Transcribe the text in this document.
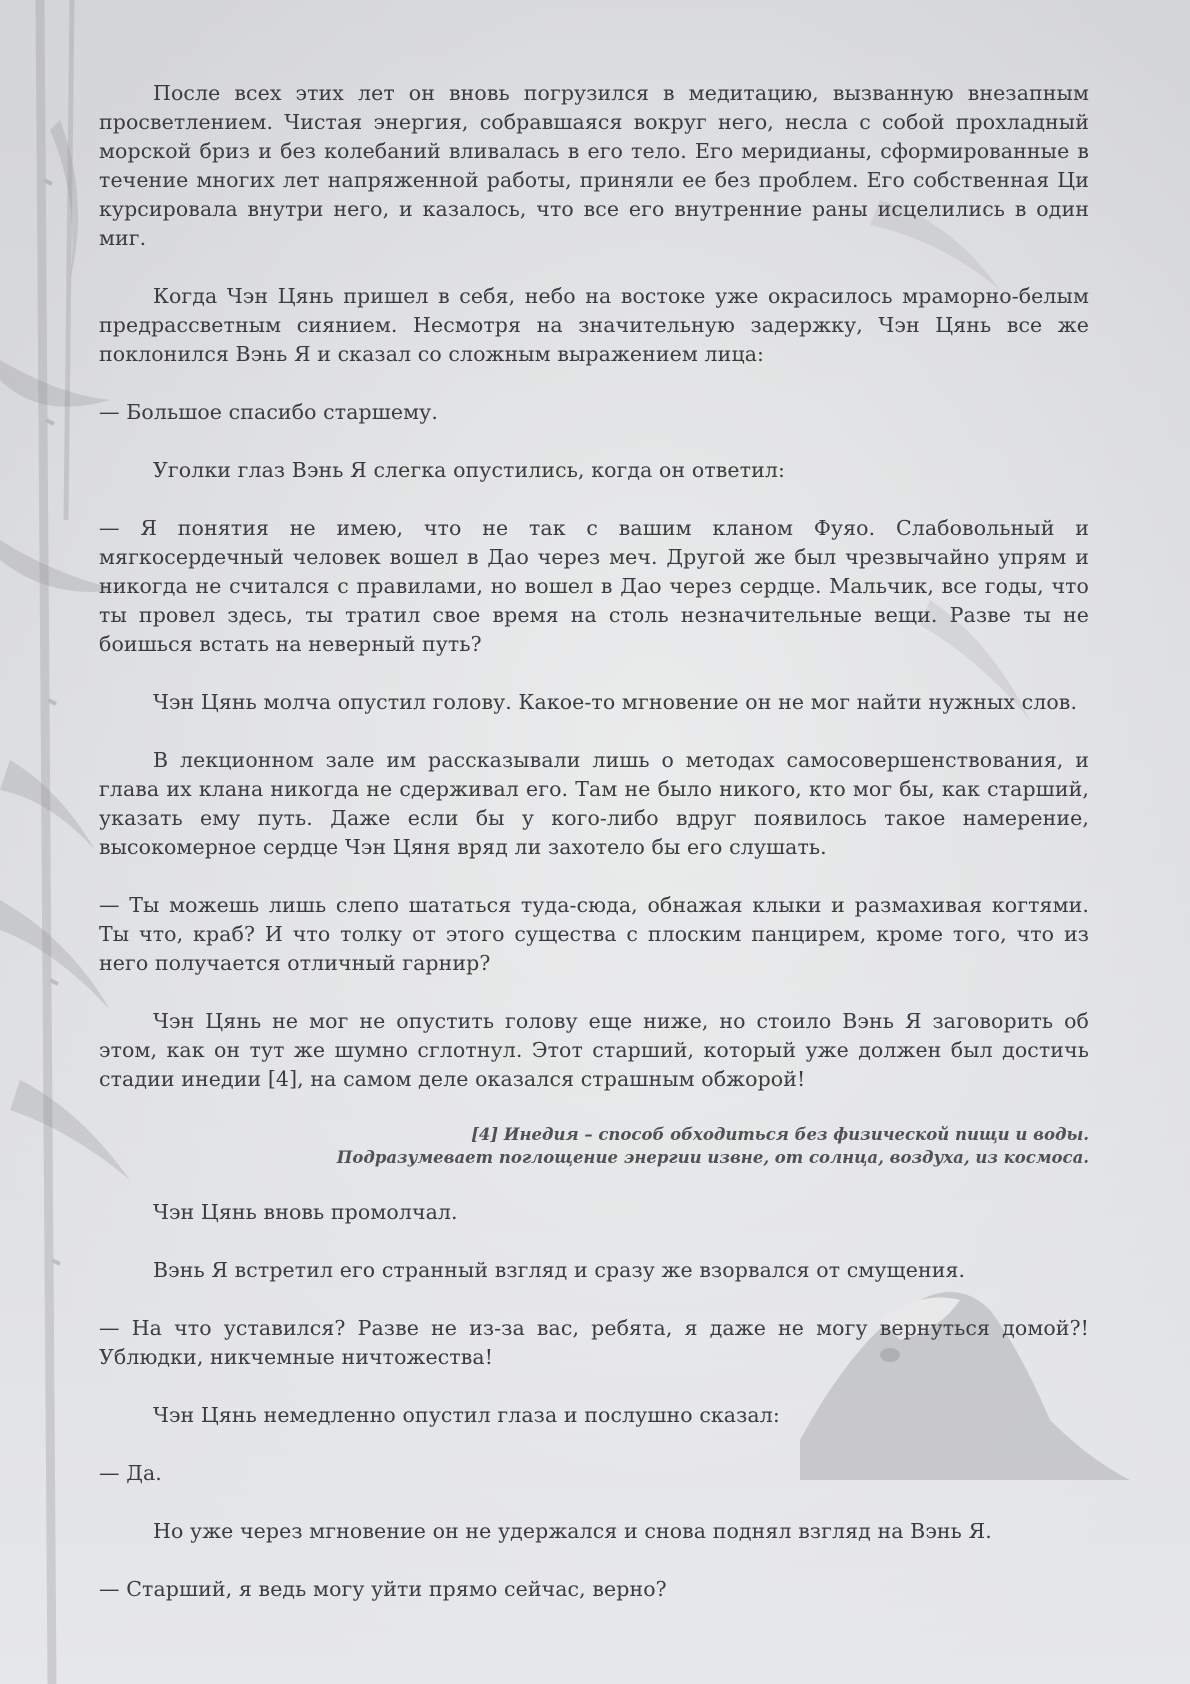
После всех этих лет он вновь погрузился в медитацию, вызванную внезапным просветлением. Чистая энергия, собравшаяся вокруг него, несла с собой прохладный морской бриз и без колебаний вливалась в его тело. Его меридианы, сформированные в течение многих лет напряженной работы, приняли ее без проблем. Его собственная Ци курсировала внутри него, и казалось, что все его внутренние раны исцелились в один миг.

Когда Чэн Цянь пришел в себя, небо на востоке уже окрасилось мраморно-белым предрассветным сиянием. Несмотря на значительную задержку, Чэн Цянь все же поклонился Вэнь Я и сказал со сложным выражением лица:

— Большое спасибо старшему.

Уголки глаз Вэнь Я слегка опустились, когда он ответил:

— Я понятия не имею, что не так с вашим кланом Фуяо. Слабовольный и мягкосердечный человек вошел в Дао через меч. Другой же был чрезвычайно упрям и никогда не считался с правилами, но вошел в Дао через сердце. Мальчик, все годы, что ты провел здесь, ты тратил свое время на столь незначительные вещи. Разве ты не боишься встать на неверный путь?

Чэн Цянь молча опустил голову. Какое-то мгновение он не мог найти нужных слов.

В лекционном зале им рассказывали лишь о методах самосовершенствования, и глава их клана никогда не сдерживал его. Там не было никого, кто мог бы, как старший, указать ему путь. Даже если бы у кого-либо вдруг появилось такое намерение, высокомерное сердце Чэн Цяня вряд ли захотело бы его слушать.

— Ты можешь лишь слепо шататься туда-сюда, обнажая клыки и размахивая когтями. Ты что, краб? И что толку от этого существа с плоским панцирем, кроме того, что из него получается отличный гарнир?

Чэн Цянь не мог не опустить голову еще ниже, но стоило Вэнь Я заговорить об этом, как он тут же шумно сглотнул. Этот старший, который уже должен был достичь стадии инедии [4], на самом деле оказался страшным обжорой!

[4] Инедия – способ обходиться без физической пищи и воды.
Подразумевает поглощение энергии извне, от солнца, воздуха, из космоса.

Чэн Цянь вновь промолчал.

Вэнь Я встретил его странный взгляд и сразу же взорвался от смущения.

— На что уставился? Разве не из-за вас, ребята, я даже не могу вернуться домой?! Ублюдки, никчемные ничтожества!

Чэн Цянь немедленно опустил глаза и послушно сказал:

— Да.

Но уже через мгновение он не удержался и снова поднял взгляд на Вэнь Я.

— Старший, я ведь могу уйти прямо сейчас, верно?
